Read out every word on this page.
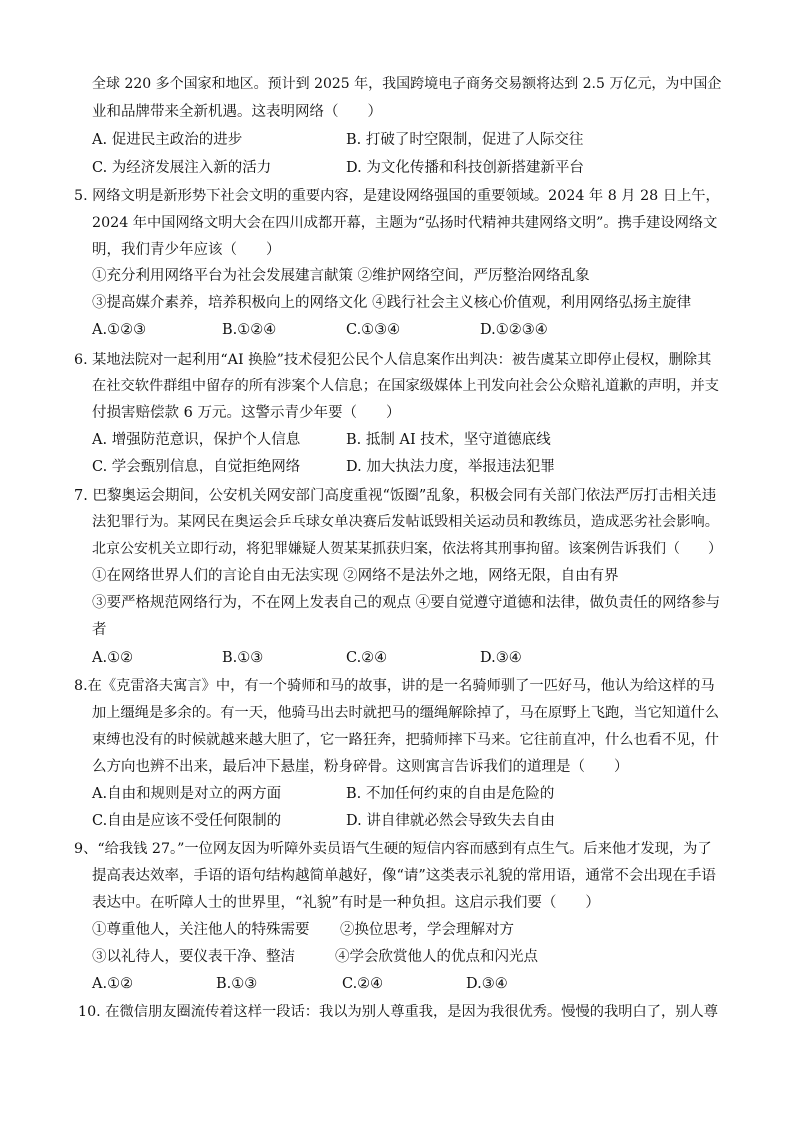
全球 220 多个国家和地区。预计到 2025 年，我国跨境电子商务交易额将达到 2.5 万亿元，为中国企
业和品牌带来全新机遇。这表明网络（　　）
A. 促进民主政治的进步	B. 打破了时空限制，促进了人际交往
C. 为经济发展注入新的活力	D. 为文化传播和科技创新搭建新平台
5. 网络文明是新形势下社会文明的重要内容，是建设网络强国的重要领域。2024 年 8 月 28 日上午，
2024 年中国网络文明大会在四川成都开幕，主题为“弘扬时代精神共建网络文明”。携手建设网络文
明，我们青少年应该（　　）
①充分利用网络平台为社会发展建言献策 ②维护网络空间，严厉整治网络乱象
③提高媒介素养，培养积极向上的网络文化 ④践行社会主义核心价值观，利用网络弘扬主旋律
A.①②③	B.①②④	C.①③④	D.①②③④
6. 某地法院对一起利用“AI 换脸”技术侵犯公民个人信息案作出判决：被告虞某立即停止侵权，删除其
在社交软件群组中留存的所有涉案个人信息；在国家级媒体上刊发向社会公众赔礼道歉的声明，并支
付损害赔偿款 6 万元。这警示青少年要（　　）
A. 增强防范意识，保护个人信息	B. 抵制 AI 技术，坚守道德底线
C. 学会甄别信息，自觉拒绝网络	D. 加大执法力度，举报违法犯罪
7. 巴黎奥运会期间，公安机关网安部门高度重视“饭圈”乱象，积极会同有关部门依法严厉打击相关违
法犯罪行为。某网民在奥运会乒乓球女单决赛后发帖诋毁相关运动员和教练员，造成恶劣社会影响。
北京公安机关立即行动，将犯罪嫌疑人贺某某抓获归案，依法将其刑事拘留。该案例告诉我们（　　）
①在网络世界人们的言论自由无法实现 ②网络不是法外之地，网络无限，自由有界
③要严格规范网络行为，不在网上发表自己的观点 ④要自觉遵守道德和法律，做负责任的网络参与
者
A.①②	B.①③	C.②④	D.③④
8.在《克雷洛夫寓言》中，有一个骑师和马的故事，讲的是一名骑师驯了一匹好马，他认为给这样的马
加上缰绳是多余的。有一天，他骑马出去时就把马的缰绳解除掉了，马在原野上飞跑，当它知道什么
束缚也没有的时候就越来越大胆了，它一路狂奔，把骑师摔下马来。它往前直冲，什么也看不见，什
么方向也辨不出来，最后冲下悬崖，粉身碎骨。这则寓言告诉我们的道理是（　　）
A.自由和规则是对立的两方面	B. 不加任何约束的自由是危险的
C.自由是应该不受任何限制的	D. 讲自律就必然会导致失去自由
9、“给我钱 27。”一位网友因为听障外卖员语气生硬的短信内容而感到有点生气。后来他才发现，为了
提高表达效率，手语的语句结构越简单越好，像“请”这类表示礼貌的常用语，通常不会出现在手语
表达中。在听障人士的世界里，“礼貌”有时是一种负担。这启示我们要（　　）
①尊重他人，关注他人的特殊需要 ②换位思考，学会理解对方
③以礼待人，要仪表干净、整洁	④学会欣赏他人的优点和闪光点
A.①②	B.①③	C.②④	D.③④
10. 在微信朋友圈流传着这样一段话：我以为别人尊重我，是因为我很优秀。慢慢的我明白了，别人尊
